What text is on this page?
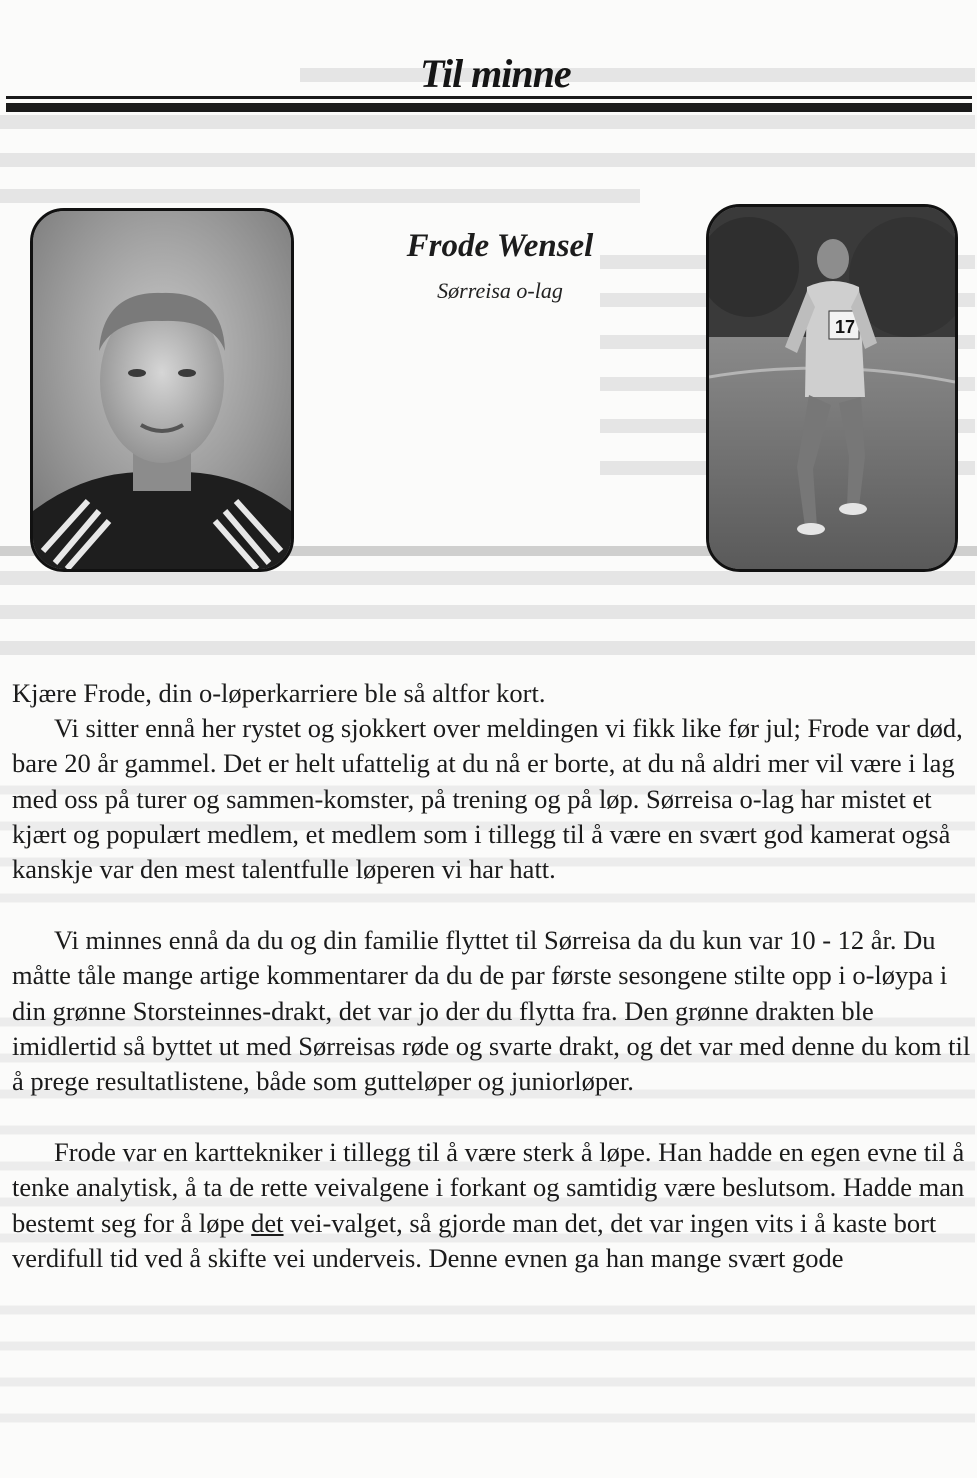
Til minne
Frode Wensel
Sørreisa o-lag
17

Kjære Frode, din o-løperkarriere ble så altfor kort.

Vi sitter ennå her rystet og sjokkert over meldingen vi fikk like før jul; Frode var død, bare 20 år gammel. Det er helt ufattelig at du nå er borte, at du nå aldri mer vil være i lag med oss på turer og sammen-komster, på trening og på løp. Sørreisa o-lag har mistet et kjært og populært medlem, et medlem som i tillegg til å være en svært god kamerat også kanskje var den mest talentfulle løperen vi har hatt.

Vi minnes ennå da du og din familie flyttet til Sørreisa da du kun var 10 - 12 år. Du måtte tåle mange artige kommentarer da du de par første sesongene stilte opp i o-løypa i din grønne Storsteinnes-drakt, det var jo der du flytta fra. Den grønne drakten ble imidlertid så byttet ut med Sørreisas røde og svarte drakt, og det var med denne du kom til å prege resultatlistene, både som gutteløper og juniorløper.

Frode var en karttekniker i tillegg til å være sterk å løpe. Han hadde en egen evne til å tenke analytisk, å ta de rette veivalgene i forkant og samtidig være beslutsom. Hadde man bestemt seg for å løpe det vei-valget, så gjorde man det, det var ingen vits i å kaste bort verdifull tid ved å skifte vei underveis. Denne evnen ga han mange svært gode
